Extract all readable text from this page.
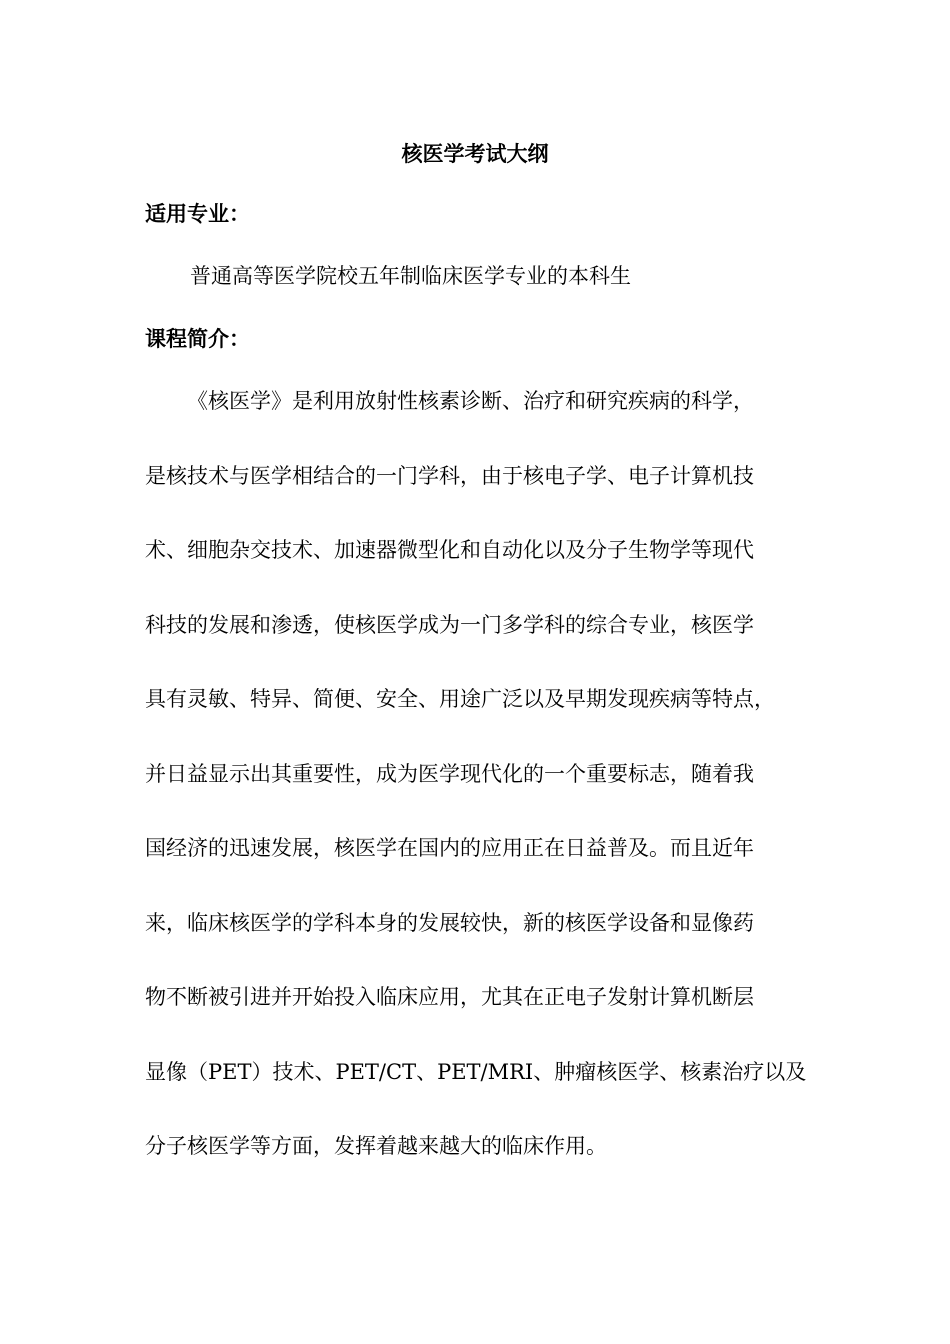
核医学考试大纲
适用专业：
普通高等医学院校五年制临床医学专业的本科生
课程简介：
《核医学》是利用放射性核素诊断、治疗和研究疾病的科学，
是核技术与医学相结合的一门学科，由于核电子学、电子计算机技
术、细胞杂交技术、加速器微型化和自动化以及分子生物学等现代
科技的发展和渗透，使核医学成为一门多学科的综合专业，核医学
具有灵敏、特异、简便、安全、用途广泛以及早期发现疾病等特点，
并日益显示出其重要性，成为医学现代化的一个重要标志，随着我
国经济的迅速发展，核医学在国内的应用正在日益普及。而且近年
来，临床核医学的学科本身的发展较快，新的核医学设备和显像药
物不断被引进并开始投入临床应用，尤其在正电子发射计算机断层
显像（PET）技术、PET/CT、PET/MRI、肿瘤核医学、核素治疗以及
分子核医学等方面，发挥着越来越大的临床作用。
